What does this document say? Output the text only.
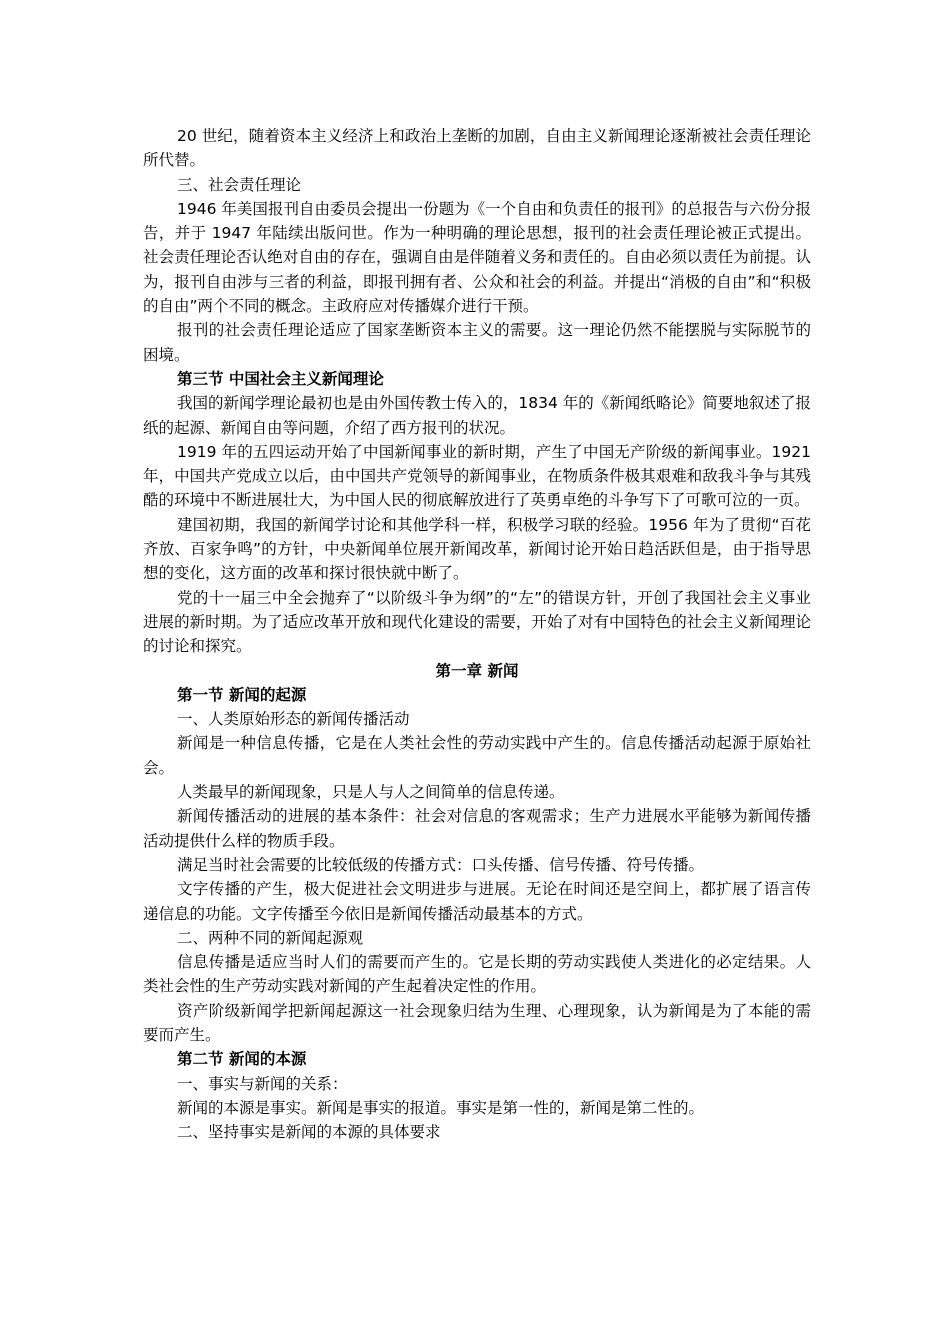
20 世纪，随着资本主义经济上和政治上垄断的加剧，自由主义新闻理论逐渐被社会责任理论所代替。

三、社会责任理论

1946 年美国报刊自由委员会提出一份题为《一个自由和负责任的报刊》的总报告与六份分报告，并于 1947 年陆续出版问世。作为一种明确的理论思想，报刊的社会责任理论被正式提出。社会责任理论否认绝对自由的存在，强调自由是伴随着义务和责任的。自由必须以责任为前提。认为，报刊自由涉与三者的利益，即报刊拥有者、公众和社会的利益。并提出“消极的自由”和“积极的自由”两个不同的概念。主政府应对传播媒介进行干预。

报刊的社会责任理论适应了国家垄断资本主义的需要。这一理论仍然不能摆脱与实际脱节的困境。

第三节 中国社会主义新闻理论

我国的新闻学理论最初也是由外国传教士传入的，1834 年的《新闻纸略论》简要地叙述了报纸的起源、新闻自由等问题，介绍了西方报刊的状况。

1919 年的五四运动开始了中国新闻事业的新时期，产生了中国无产阶级的新闻事业。1921 年，中国共产党成立以后，由中国共产党领导的新闻事业，在物质条件极其艰难和敌我斗争与其残酷的环境中不断进展壮大，为中国人民的彻底解放进行了英勇卓绝的斗争写下了可歌可泣的一页。

建国初期，我国的新闻学讨论和其他学科一样，积极学习联的经验。1956 年为了贯彻“百花齐放、百家争鸣”的方针，中央新闻单位展开新闻改革，新闻讨论开始日趋活跃但是，由于指导思想的变化，这方面的改革和探讨很快就中断了。

党的十一届三中全会抛弃了“以阶级斗争为纲”的“左”的错误方针，开创了我国社会主义事业进展的新时期。为了适应改革开放和现代化建设的需要，开始了对有中国特色的社会主义新闻理论的讨论和探究。

第一章 新闻

第一节 新闻的起源

一、人类原始形态的新闻传播活动

新闻是一种信息传播，它是在人类社会性的劳动实践中产生的。信息传播活动起源于原始社会。

人类最早的新闻现象，只是人与人之间简单的信息传递。

新闻传播活动的进展的基本条件：社会对信息的客观需求；生产力进展水平能够为新闻传播活动提供什么样的物质手段。

满足当时社会需要的比较低级的传播方式：口头传播、信号传播、符号传播。

文字传播的产生，极大促进社会文明进步与进展。无论在时间还是空间上，都扩展了语言传递信息的功能。文字传播至今依旧是新闻传播活动最基本的方式。

二、两种不同的新闻起源观

信息传播是适应当时人们的需要而产生的。它是长期的劳动实践使人类进化的必定结果。人类社会性的生产劳动实践对新闻的产生起着决定性的作用。

资产阶级新闻学把新闻起源这一社会现象归结为生理、心理现象，认为新闻是为了本能的需要而产生。

第二节 新闻的本源

一、事实与新闻的关系：

新闻的本源是事实。新闻是事实的报道。事实是第一性的，新闻是第二性的。

二、坚持事实是新闻的本源的具体要求
